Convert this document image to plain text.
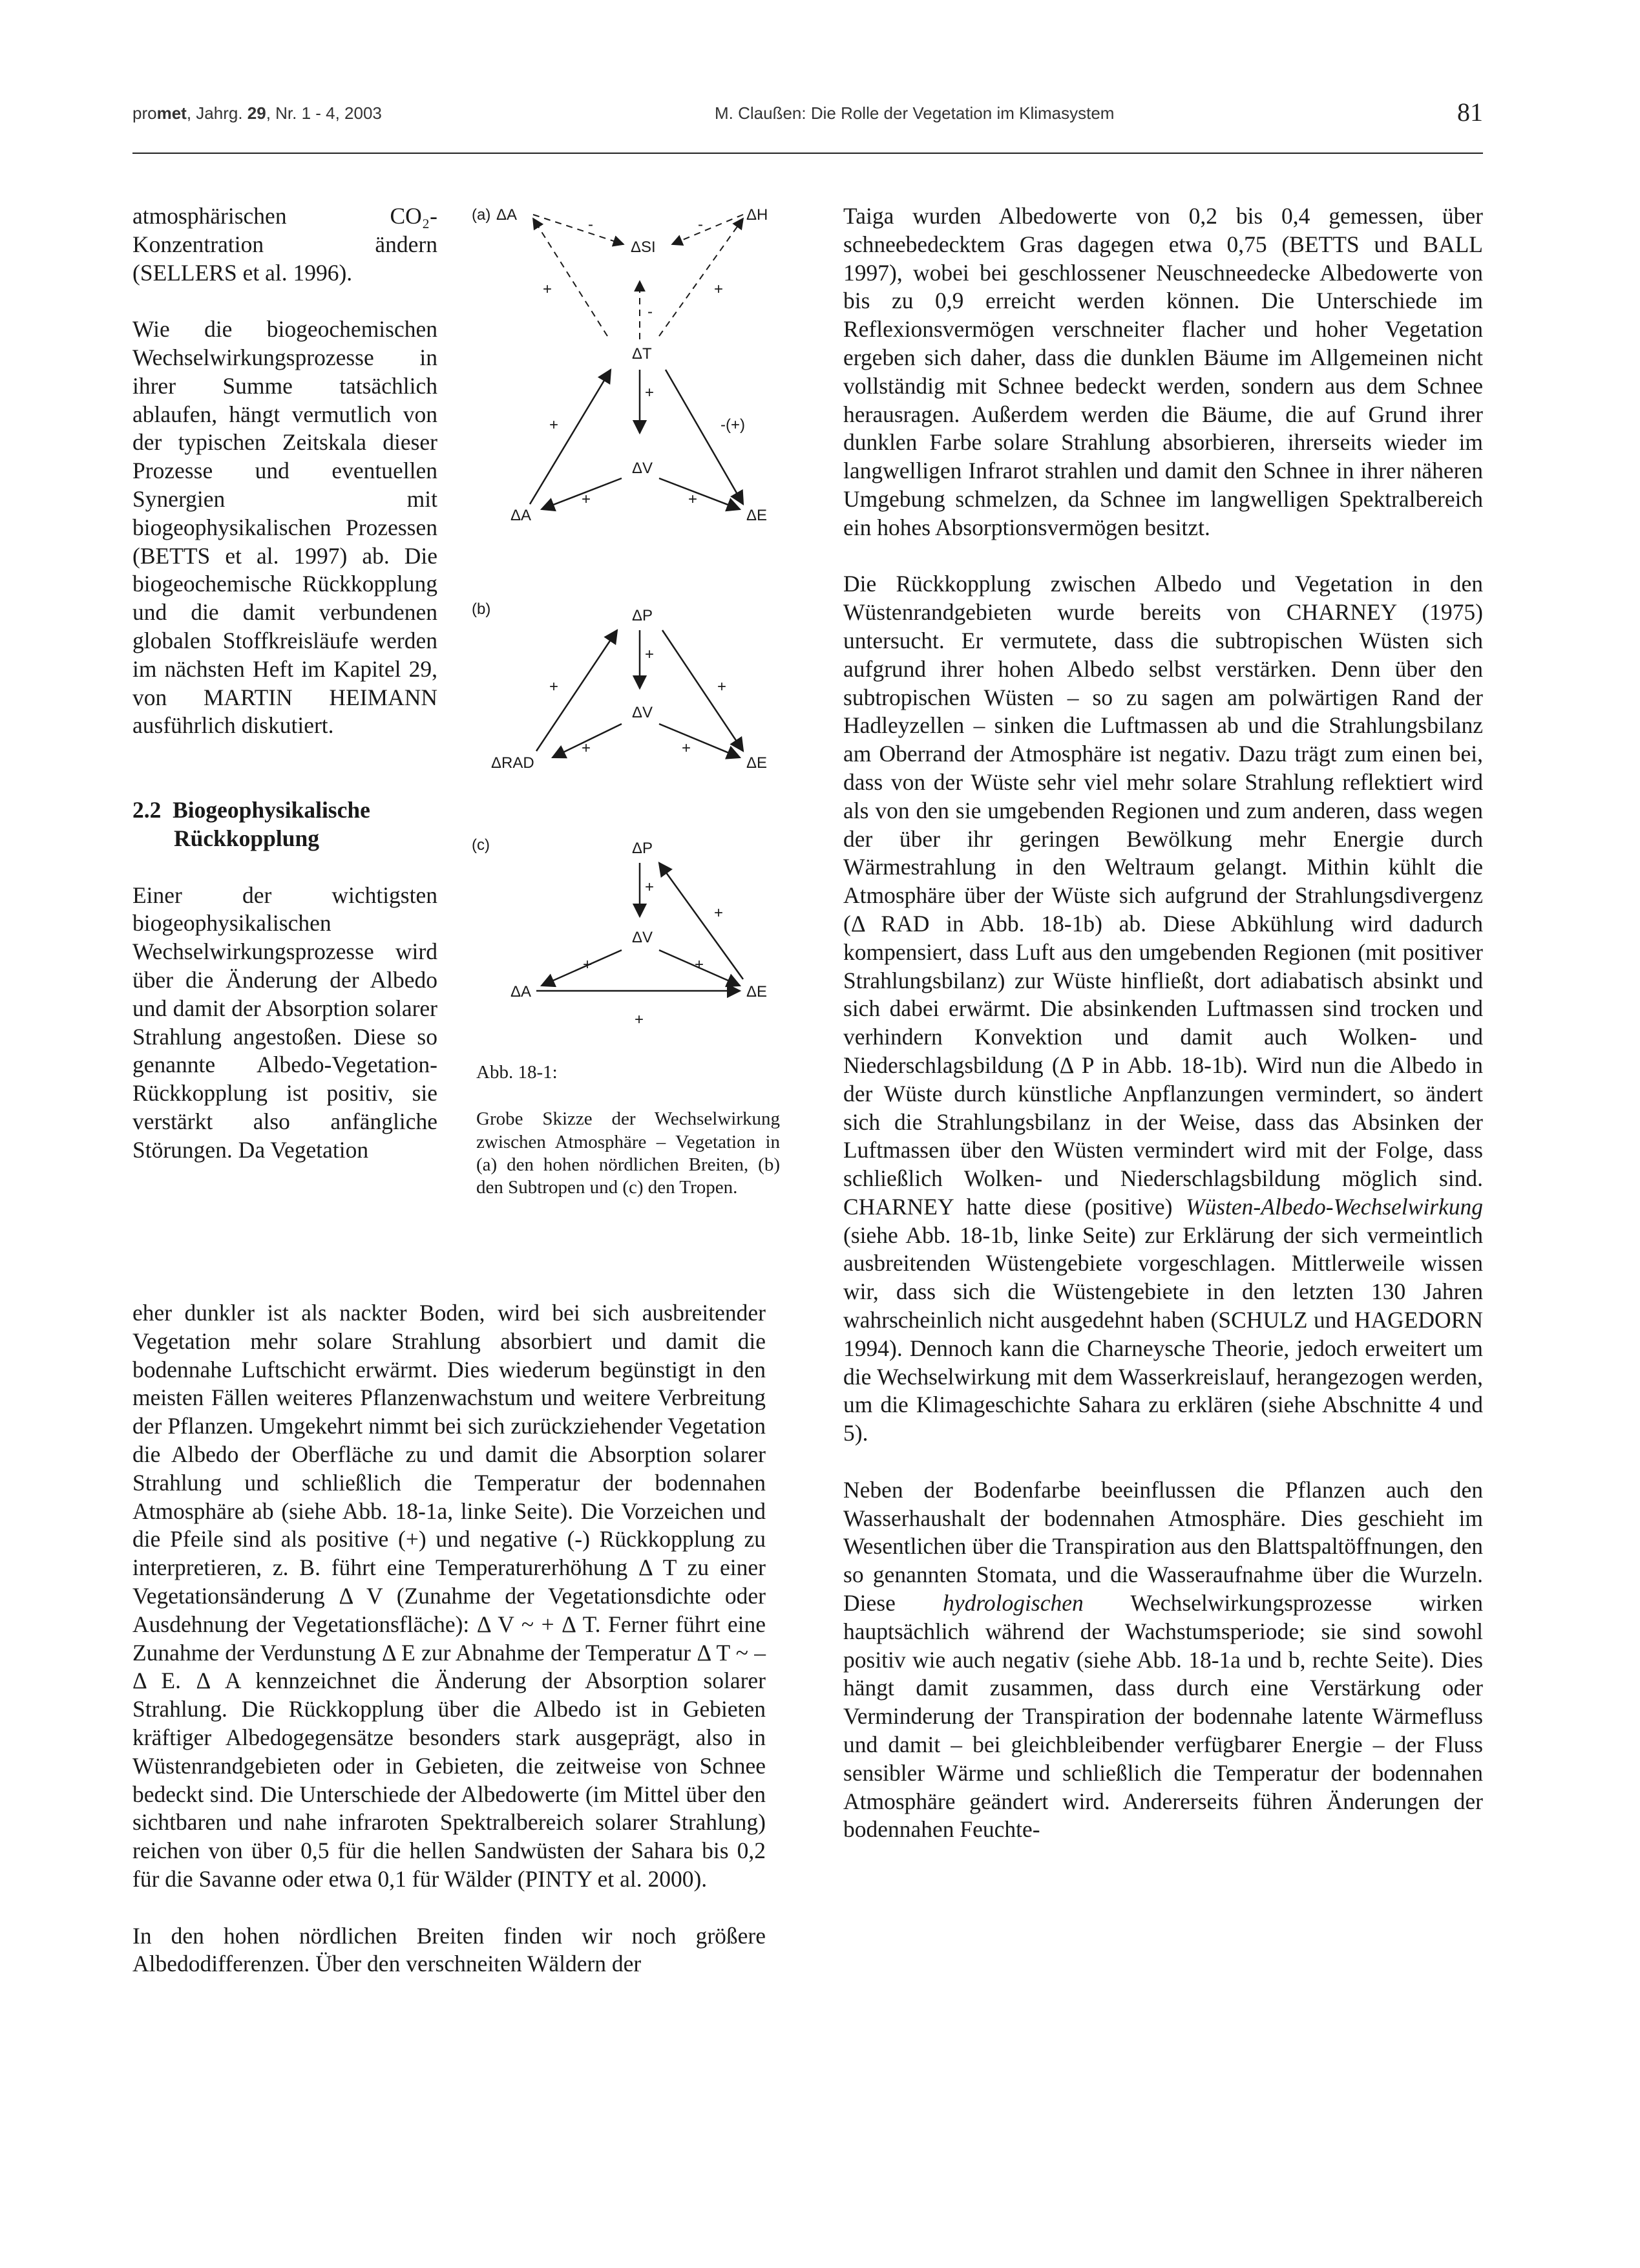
promet, Jahrg. 29, Nr. 1 - 4, 2003	M. Claußen: Die Rolle der Vegetation im Klimasystem	81

atmosphärischen CO₂-Konzentration ändern (SELLERS et al. 1996).

Wie die biogeochemischen Wechselwirkungsprozesse in ihrer Summe tatsächlich ablaufen, hängt vermutlich von der typischen Zeitskala dieser Prozesse und eventuellen Synergien mit biogeophysikalischen Prozessen (BETTS et al. 1997) ab. Die biogeochemische Rückkopplung und die damit verbundenen globalen Stoffkreisläufe werden im nächsten Heft im Kapitel 29, von MARTIN HEIMANN ausführlich diskutiert.

2.2 Biogeophysikalische
Rückkopplung

Einer der wichtigsten biogeophysikalischen Wechselwirkungsprozesse wird über die Änderung der Albedo und damit der Absorption solarer Strahlung angestoßen. Diese so genannte Albedo-Vegetation-Rückkopplung ist positiv, sie verstärkt also anfängliche Störungen. Da Vegetation

eher dunkler ist als nackter Boden, wird bei sich ausbreitender Vegetation mehr solare Strahlung absorbiert und damit die bodennahe Luftschicht erwärmt. Dies wiederum begünstigt in den meisten Fällen weiteres Pflanzenwachstum und weitere Verbreitung der Pflanzen. Umgekehrt nimmt bei sich zurückziehender Vegetation die Albedo der Oberfläche zu und damit die Absorption solarer Strahlung und schließlich die Temperatur der bodennahen Atmosphäre ab (siehe Abb. 18-1a, linke Seite). Die Vorzeichen und die Pfeile sind als positive (+) und negative (-) Rückkopplung zu interpretieren, z. B. führt eine Temperaturerhöhung Δ T zu einer Vegetationsänderung Δ V (Zunahme der Vegetationsdichte oder Ausdehnung der Vegetationsfläche): Δ V ~ + Δ T. Ferner führt eine Zunahme der Verdunstung Δ E zur Abnahme der Temperatur Δ T ~ – Δ E. Δ A kennzeichnet die Änderung der Absorption solarer Strahlung. Die Rückkopplung über die Albedo ist in Gebieten kräftiger Albedogegensätze besonders stark ausgeprägt, also in Wüstenrandgebieten oder in Gebieten, die zeitweise von Schnee bedeckt sind. Die Unterschiede der Albedowerte (im Mittel über den sichtbaren und nahe infraroten Spektralbereich solarer Strahlung) reichen von über 0,5 für die hellen Sandwüsten der Sahara bis 0,2 für die Savanne oder etwa 0,1 für Wälder (PINTY et al. 2000).

In den hohen nördlichen Breiten finden wir noch größere Albedodifferenzen. Über den verschneiten Wäldern der

(a) ΔA	ΔH
ΔSI
ΔT
ΔV
ΔA	ΔE
-	-
+	+
-
+
+	-(+)
+	+
(b)	ΔP
ΔV
ΔRAD	ΔE
+
+	+
+	+
(c)	ΔP
ΔV
ΔA	ΔE
+
+
+	+
+
Abb. 18-1:
Grobe Skizze der Wechselwirkung zwischen Atmosphäre – Vegetation in (a) den hohen nördlichen Breiten, (b) den Subtropen und (c) den Tropen.

Taiga wurden Albedowerte von 0,2 bis 0,4 gemessen, über schneebedecktem Gras dagegen etwa 0,75 (BETTS und BALL 1997), wobei bei geschlossener Neuschneedecke Albedowerte von bis zu 0,9 erreicht werden können. Die Unterschiede im Reflexionsvermögen verschneiter flacher und hoher Vegetation ergeben sich daher, dass die dunklen Bäume im Allgemeinen nicht vollständig mit Schnee bedeckt werden, sondern aus dem Schnee herausragen. Außerdem werden die Bäume, die auf Grund ihrer dunklen Farbe solare Strahlung absorbieren, ihrerseits wieder im langwelligen Infrarot strahlen und damit den Schnee in ihrer näheren Umgebung schmelzen, da Schnee im langwelligen Spektralbereich ein hohes Absorptionsvermögen besitzt.

Die Rückkopplung zwischen Albedo und Vegetation in den Wüstenrandgebieten wurde bereits von CHARNEY (1975) untersucht. Er vermutete, dass die subtropischen Wüsten sich aufgrund ihrer hohen Albedo selbst verstärken. Denn über den subtropischen Wüsten – so zu sagen am polwärtigen Rand der Hadleyzellen – sinken die Luftmassen ab und die Strahlungsbilanz am Oberrand der Atmosphäre ist negativ. Dazu trägt zum einen bei, dass von der Wüste sehr viel mehr solare Strahlung reflektiert wird als von den sie umgebenden Regionen und zum anderen, dass wegen der über ihr geringen Bewölkung mehr Energie durch Wärmestrahlung in den Weltraum gelangt. Mithin kühlt die Atmosphäre über der Wüste sich aufgrund der Strahlungsdivergenz (Δ RAD in Abb. 18-1b) ab. Diese Abkühlung wird dadurch kompensiert, dass Luft aus den umgebenden Regionen (mit positiver Strahlungsbilanz) zur Wüste hinfließt, dort adiabatisch absinkt und sich dabei erwärmt. Die absinkenden Luftmassen sind trocken und verhindern Konvektion und damit auch Wolken- und Niederschlagsbildung (Δ P in Abb. 18-1b). Wird nun die Albedo in der Wüste durch künstliche Anpflanzungen vermindert, so ändert sich die Strahlungsbilanz in der Weise, dass das Absinken der Luftmassen über den Wüsten vermindert wird mit der Folge, dass schließlich Wolken- und Niederschlagsbildung möglich sind. CHARNEY hatte diese (positive) Wüsten-Albedo-Wechselwirkung (siehe Abb. 18-1b, linke Seite) zur Erklärung der sich vermeintlich ausbreitenden Wüstengebiete vorgeschlagen. Mittlerweile wissen wir, dass sich die Wüstengebiete in den letzten 130 Jahren wahrscheinlich nicht ausgedehnt haben (SCHULZ und HAGEDORN 1994). Dennoch kann die Charneysche Theorie, jedoch erweitert um die Wechselwirkung mit dem Wasserkreislauf, herangezogen werden, um die Klimageschichte Sahara zu erklären (siehe Abschnitte 4 und 5).

Neben der Bodenfarbe beeinflussen die Pflanzen auch den Wasserhaushalt der bodennahen Atmosphäre. Dies geschieht im Wesentlichen über die Transpiration aus den Blattspaltöffnungen, den so genannten Stomata, und die Wasseraufnahme über die Wurzeln. Diese hydrologischen Wechselwirkungsprozesse wirken hauptsächlich während der Wachstumsperiode; sie sind sowohl positiv wie auch negativ (siehe Abb. 18-1a und b, rechte Seite). Dies hängt damit zusammen, dass durch eine Verstärkung oder Verminderung der Transpiration der bodennahe latente Wärmefluss und damit – bei gleichbleibender verfügbarer Energie – der Fluss sensibler Wärme und schließlich die Temperatur der bodennahen Atmosphäre geändert wird. Andererseits führen Änderungen der bodennahen Feuchte-
